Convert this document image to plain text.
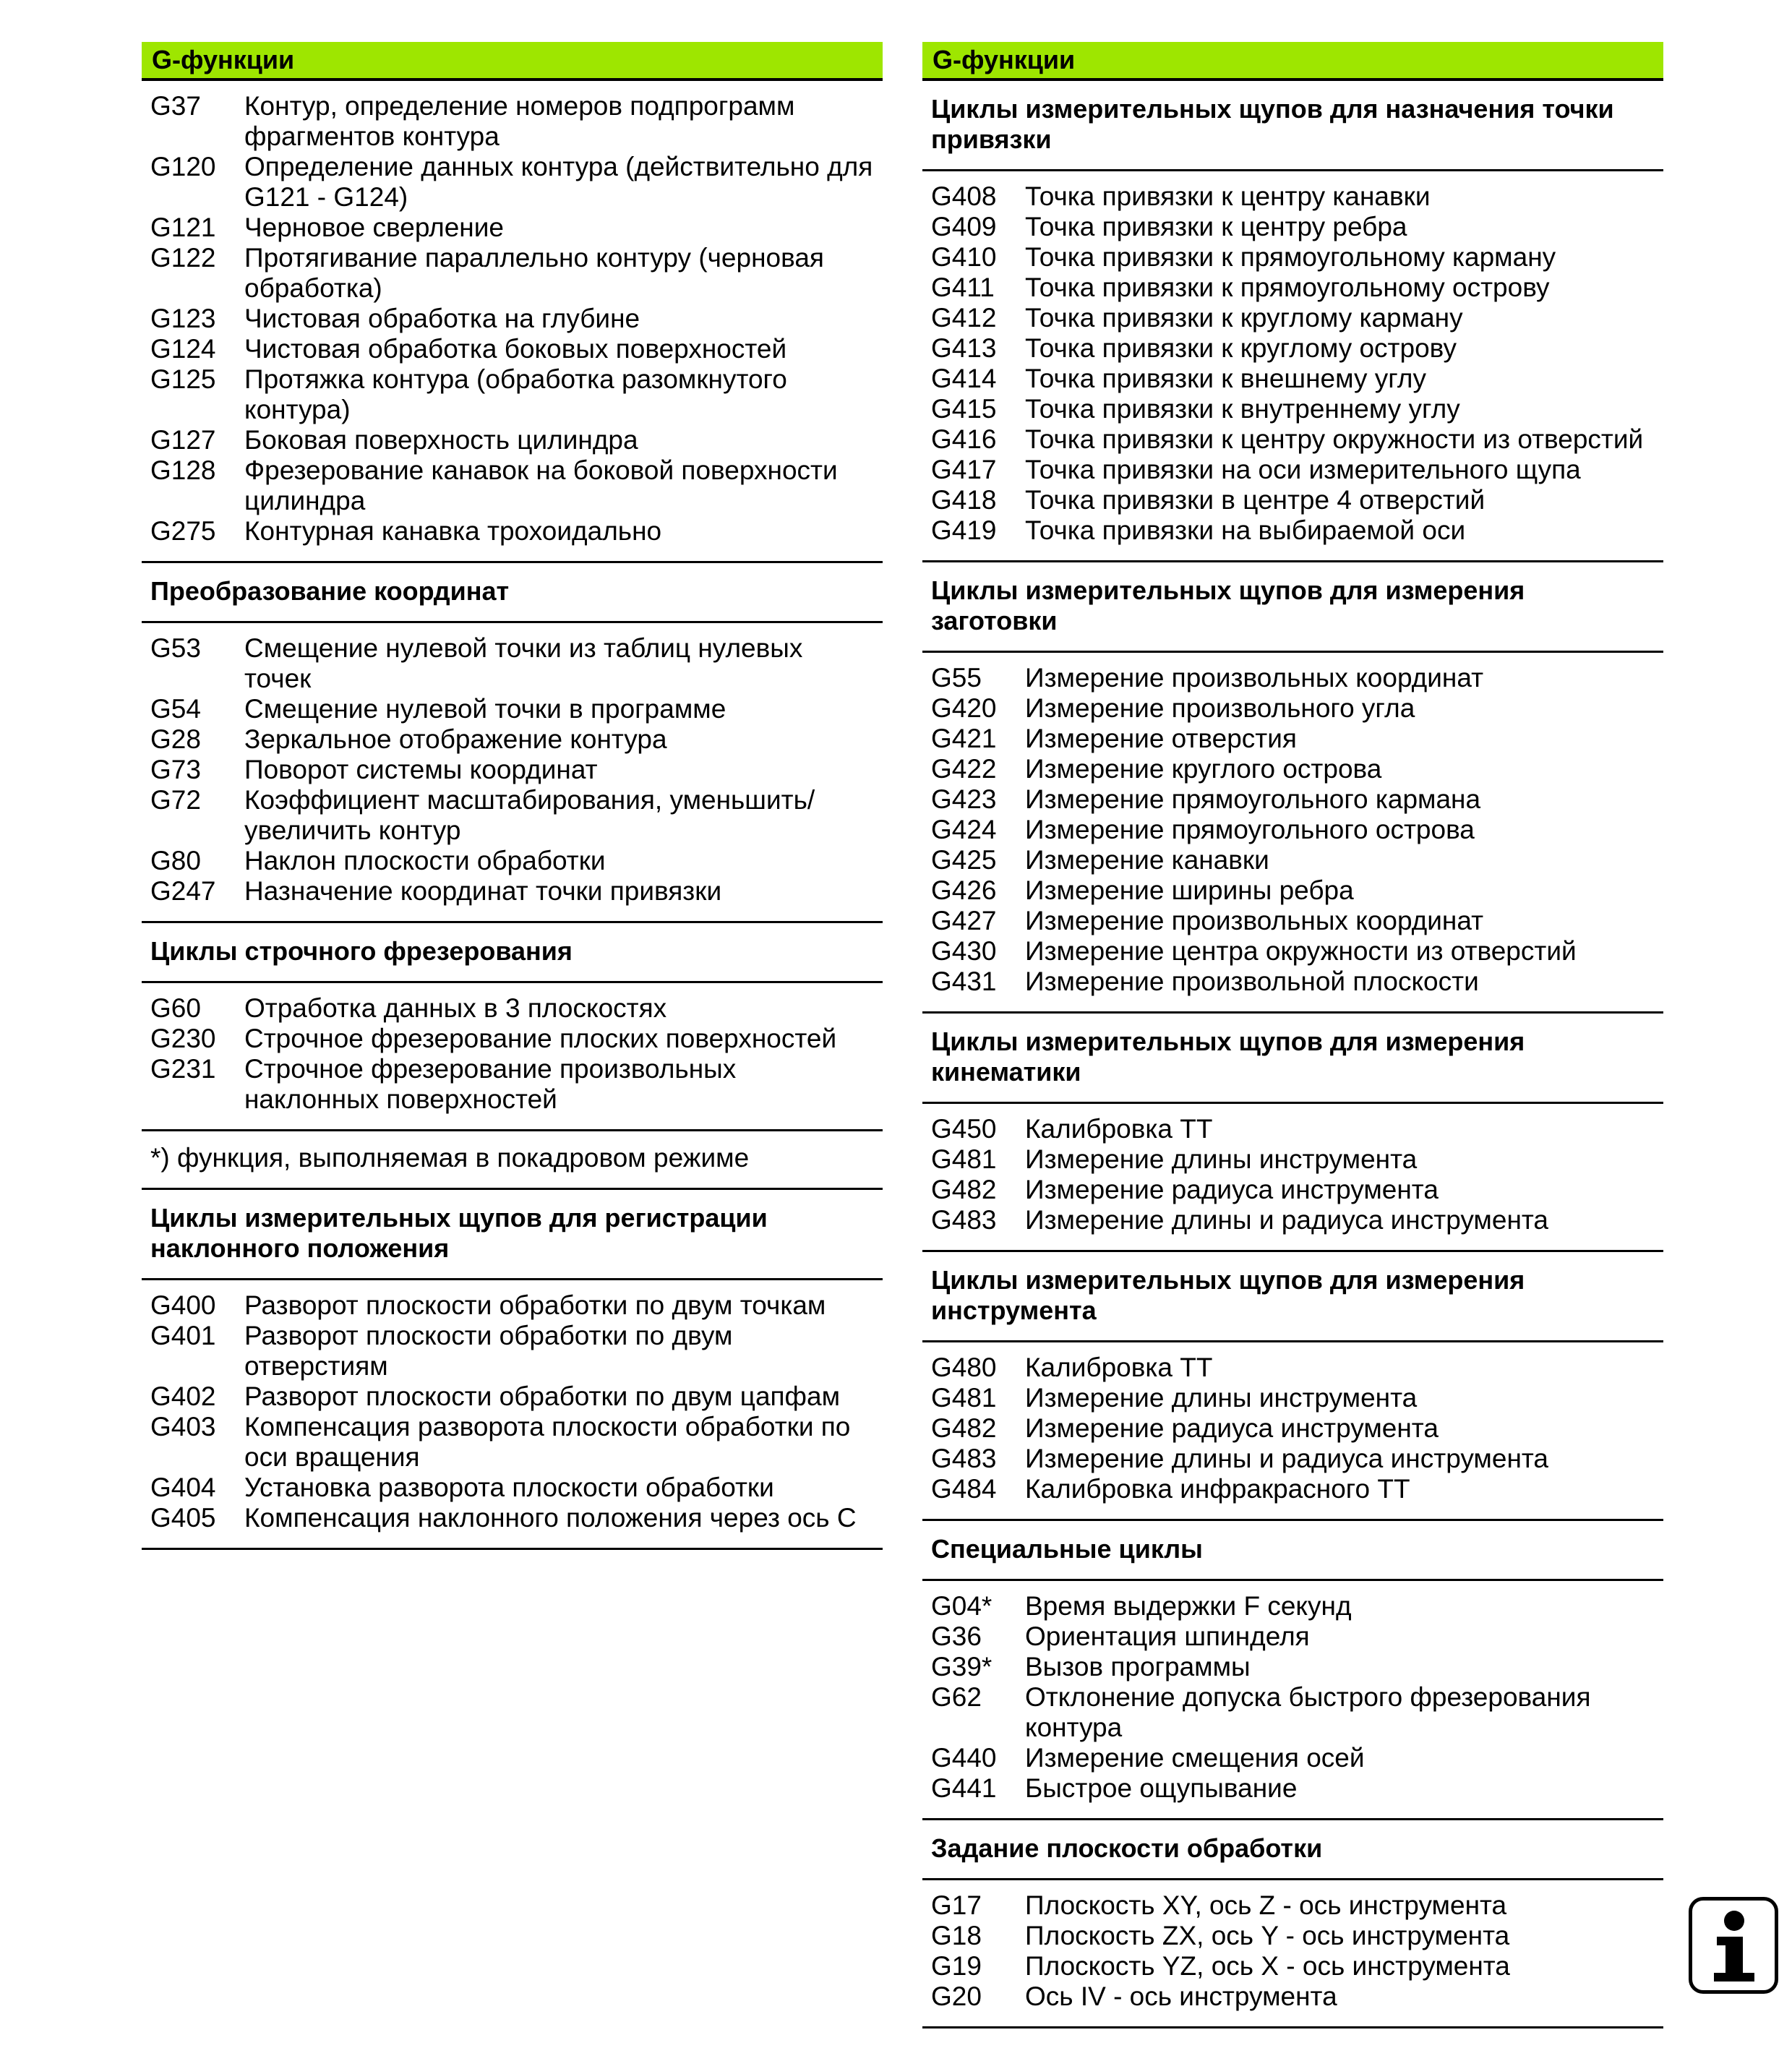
G-функции
G37	Контур, определение номеров подпрограмм фрагментов контура
G120	Определение данных контура (действительно для G121 - G124)
G121	Черновое сверление
G122	Протягивание параллельно контуру (черновая обработка)
G123	Чистовая обработка на глубине
G124	Чистовая обработка боковых поверхностей
G125	Протяжка контура (обработка разомкнутого контура)
G127	Боковая поверхность цилиндра
G128	Фрезерование канавок на боковой поверхности цилиндра
G275	Контурная канавка трохоидально
Преобразование координат
G53	Смещение нулевой точки из таблиц нулевых точек
G54	Смещение нулевой точки в программе
G28	Зеркальное отображение контура
G73	Поворот системы координат
G72	Коэффициент масштабирования, уменьшить/увеличить контур
G80	Наклон плоскости обработки
G247	Назначение координат точки привязки
Циклы строчного фрезерования
G60	Отработка данных в 3 плоскостях
G230	Строчное фрезерование плоских поверхностей
G231	Строчное фрезерование произвольных наклонных поверхностей
*) функция, выполняемая в покадровом режиме
Циклы измерительных щупов для регистрации наклонного положения
G400	Разворот плоскости обработки по двум точкам
G401	Разворот плоскости обработки по двум отверстиям
G402	Разворот плоскости обработки по двум цапфам
G403	Компенсация разворота плоскости обработки по оси вращения
G404	Установка разворота плоскости обработки
G405	Компенсация наклонного положения через ось С
G-функции
Циклы измерительных щупов для назначения точки привязки
G408	Точка привязки к центру канавки
G409	Точка привязки к центру ребра
G410	Точка привязки к прямоугольному карману
G411	Точка привязки к прямоугольному острову
G412	Точка привязки к круглому карману
G413	Точка привязки к круглому острову
G414	Точка привязки к внешнему углу
G415	Точка привязки к внутреннему углу
G416	Точка привязки к центру окружности из отверстий
G417	Точка привязки на оси измерительного щупа
G418	Точка привязки в центре 4 отверстий
G419	Точка привязки на выбираемой оси
Циклы измерительных щупов для измерения заготовки
G55	Измерение произвольных координат
G420	Измерение произвольного угла
G421	Измерение отверстия
G422	Измерение круглого острова
G423	Измерение прямоугольного кармана
G424	Измерение прямоугольного острова
G425	Измерение канавки
G426	Измерение ширины ребра
G427	Измерение произвольных координат
G430	Измерение центра окружности из отверстий
G431	Измерение произвольной плоскости
Циклы измерительных щупов для измерения кинематики
G450	Калибровка TT
G481	Измерение длины инструмента
G482	Измерение радиуса инструмента
G483	Измерение длины и радиуса инструмента
Циклы измерительных щупов для измерения инструмента
G480	Калибровка TT
G481	Измерение длины инструмента
G482	Измерение радиуса инструмента
G483	Измерение длины и радиуса инструмента
G484	Калибровка инфракрасного TT
Специальные циклы
G04*	Время выдержки F секунд
G36	Ориентация шпинделя
G39*	Вызов программы
G62	Отклонение допуска быстрого фрезерования контура
G440	Измерение смещения осей
G441	Быстрое ощупывание
Задание плоскости обработки
G17	Плоскость XY, ось Z - ось инструмента
G18	Плоскость ZX, ось Y - ось инструмента
G19	Плоскость YZ, ось X - ось инструмента
G20	Ось IV - ось инструмента
